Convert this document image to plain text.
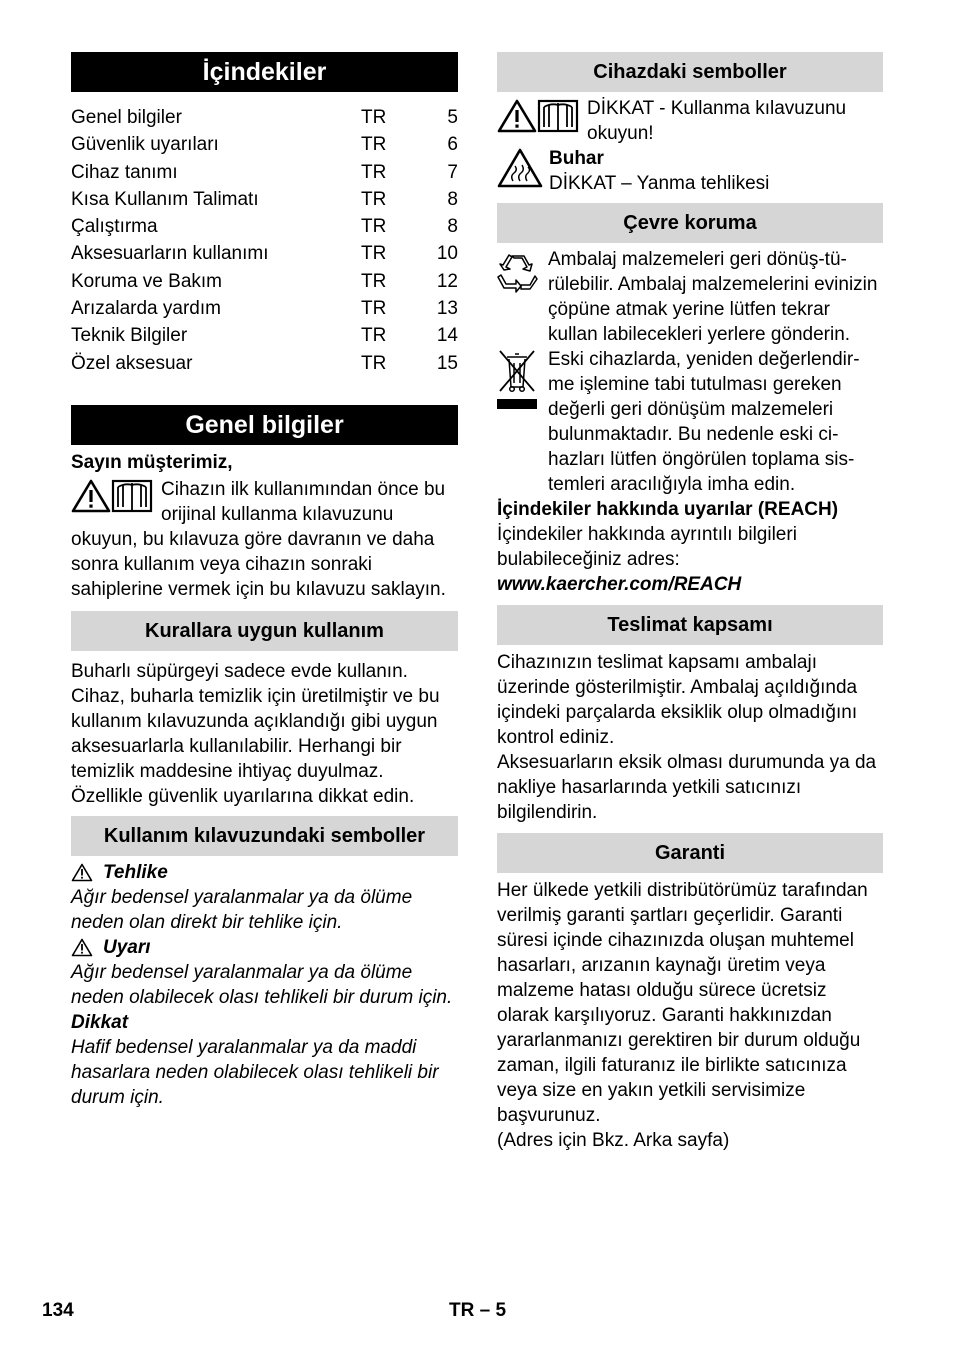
İçindekiler
Genel bilgiler	TR	5
Güvenlik uyarıları	TR	6
Cihaz tanımı	TR	7
Kısa Kullanım Talimatı	TR	8
Çalıştırma	TR	8
Aksesuarların kullanımı	TR	10
Koruma ve Bakım	TR	12
Arızalarda yardım	TR	13
Teknik Bilgiler	TR	14
Özel aksesuar	TR	15
Genel bilgiler

Sayın müşterimiz,

Cihazın ilk kullanımından önce bu orijinal kullanma kılavuzunu

okuyun, bu kılavuza göre davranın ve daha sonra kullanım veya cihazın sonraki sahiplerine vermek için bu kılavuzu saklayın.

Kurallara uygun kullanım

Buharlı süpürgeyi sadece evde kullanın. Cihaz, buharla temizlik için üretilmiştir ve bu kullanım kılavuzunda açıklandığı gibi uygun aksesuarlarla kullanılabilir. Herhangi bir temizlik maddesine ihtiyaç duyulmaz. Özellikle güvenlik uyarılarına dikkat edin.

Kullanım kılavuzundaki semboller
Tehlike

Ağır bedensel yaralanmalar ya da ölüme neden olan direkt bir tehlike için.

Uyarı

Ağır bedensel yaralanmalar ya da ölüme neden olabilecek olası tehlikeli bir durum için.

Dikkat

Hafif bedensel yaralanmalar ya da maddi hasarlara neden olabilecek olası tehlikeli bir durum için.

Cihazdaki semboller

DİKKAT - Kullanma kılavuzunu okuyun!

Buhar

DİKKAT – Yanma tehlikesi

Çevre koruma

Ambalaj malzemeleri geri dönüş-tü-rülebilir. Ambalaj malzemelerini evinizin çöpüne atmak yerine lütfen tekrar kullan labilecekleri yerlere gönderin.

Eski cihazlarda, yeniden değerlendir-me işlemine tabi tutulması gereken değerli geri dönüşüm malzemeleri bulunmaktadır. Bu nedenle eski ci-hazları lütfen öngörülen toplama sis-temleri aracılığıyla imha edin.

İçindekiler hakkında uyarılar (REACH)

İçindekiler hakkında ayrıntılı bilgileri bulabileceğiniz adres:

www.kaercher.com/REACH

Teslimat kapsamı

Cihazınızın teslimat kapsamı ambalajı üzerinde gösterilmiştir. Ambalaj açıldığında içindeki parçalarda eksiklik olup olmadığını kontrol ediniz.

Aksesuarların eksik olması durumunda ya da nakliye hasarlarında yetkili satıcınızı bilgilendirin.

Garanti

Her ülkede yetkili distribütörümüz tarafından verilmiş garanti şartları geçerlidir. Garanti süresi içinde cihazınızda oluşan muhtemel hasarları, arızanın kaynağı üretim veya malzeme hatası olduğu sürece ücretsiz olarak karşılıyoruz. Garanti hakkınızdan yararlanmanızı gerektiren bir durum olduğu zaman, ilgili faturanız ile birlikte satıcınıza veya size en yakın yetkili servisimize başvurunuz.

(Adres için Bkz. Arka sayfa)

134	TR – 5
